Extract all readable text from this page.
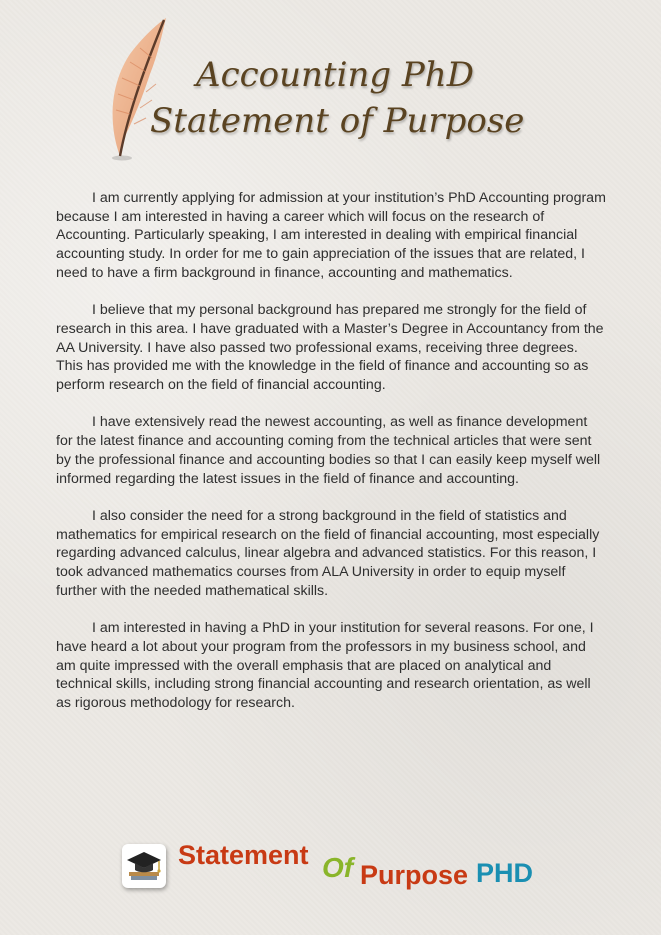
Accounting PhD
Statement of Purpose

I am currently applying for admission at your institution’s PhD Accounting program because I am interested in having a career which will focus on the research of Accounting. Particularly speaking, I am interested in dealing with empirical financial accounting study. In order for me to gain appreciation of the issues that are related, I need to have a firm background in finance, accounting and mathematics.

I believe that my personal background has prepared me strongly for the field of research in this area. I have graduated with a Master’s Degree in Accountancy from the AA University. I have also passed two professional exams, receiving three degrees. This has provided me with the knowledge in the field of finance and accounting so as perform research on the field of financial accounting.

I have extensively read the newest accounting, as well as finance development for the latest finance and accounting coming from the technical articles that were sent by the professional finance and accounting bodies so that I can easily keep myself well informed regarding the latest issues in the field of finance and accounting.

I also consider the need for a strong background in the field of statistics and mathematics for empirical research on the field of financial accounting, most especially regarding advanced calculus, linear algebra and advanced statistics. For this reason, I took advanced mathematics courses from ALA University in order to equip myself further with the needed mathematical skills.

I am interested in having a PhD in your institution for several reasons. For one, I have heard a lot about your program from the professors in my business school, and am quite impressed with the overall emphasis that are placed on analytical and technical skills, including strong financial accounting and research orientation, as well as rigorous methodology for research.

Statement Of Purpose PHD
